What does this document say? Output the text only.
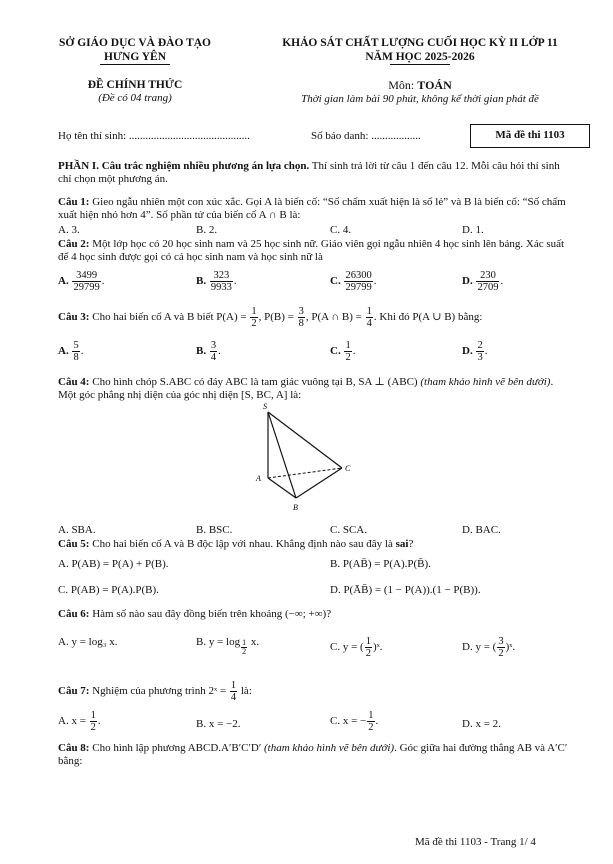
SỞ GIÁO DỤC VÀ ĐÀO TẠO
HƯNG YÊN
ĐỀ CHÍNH THỨC
(Đề có 04 trang)
KHẢO SÁT CHẤT LƯỢNG CUỐI HỌC KỲ II LỚP 11
NĂM HỌC 2025-2026
Môn: TOÁN
Thời gian làm bài 90 phút, không kể thời gian phát đề
Họ tên thí sinh: ............................................	Số báo danh: ..................	Mã đề thi 1103
PHẦN I. Câu trắc nghiệm nhiều phương án lựa chọn. Thí sinh trả lời từ câu 1 đến câu 12. Mỗi câu hỏi thí sinh chỉ chọn một phương án.
Câu 1: Gieo ngẫu nhiên một con xúc xắc. Gọi A là biến cố: “Số chấm xuất hiện là số lẻ” và B là biến cố: “Số chấm xuất hiện nhỏ hơn 4”. Số phần tử của biến cố A ∩ B là:
A. 3.	B. 2.	C. 4.	D. 1.
Câu 2: Một lớp học có 20 học sinh nam và 25 học sinh nữ. Giáo viên gọi ngẫu nhiên 4 học sinh lên bảng. Xác suất để 4 học sinh được gọi có cả học sinh nam và học sinh nữ là
A. $\frac{3499}{29799}$ .	B. $\frac{323}{9933}$ .	C. $\frac{26300}{29799}$ .	D. $\frac{230}{2709}$ .
Câu 3: Cho hai biến cố A và B biết $P(A) = \frac{1}{2}$ , $P(B) = \frac{3}{8}$ , P(A ∩ $B) = \frac{1}{4}$ . Khi đó P(A ∪ B) bằng:
A. $\frac{5}{8}$ .	B. $\frac{3}{4}$ .	C. $\frac{1}{2}$ .	D. $\frac{2}{3}$ .
Câu 4: Cho hình chóp S.ABC có đáy ABC là tam giác vuông tại B, SA ⊥ (ABC) (tham khảo hình vẽ bên dưới). Một góc phẳng nhị diện của góc nhị diện [S, BC, A] là:
S
A
B
C
A. SBA.	B. BSC.	C. SCA.	D. BAC.
Câu 5: Cho hai biến cố A và B độc lập với nhau. Khẳng định nào sau đây là sai?
A. P(AB) = P(A) + P(B).	B. P(AB̄) = P(A).P(B̄).
C. P(AB) = P(A).P(B).	D. P(ĀB̄) = (1 − P(A)).(1 − P(B)).
Câu 6: Hàm số nào sau đây đồng biến trên khoảng (−∞; +∞)?
A. y = log₃ x.	B. $y = \log \frac{1}{2} x$.	C. y = ( $\frac{1}{2}$ )ˣ.	D. y = ( $\frac{3}{2}$ )ˣ.
Câu 7: Nghiệm của phương trình 2ˣ = $\frac{1}{4}$ là:
A. $x = \frac{1}{2}$ .	B. x = −2.	C. x = − $\frac{1}{2}$ .	D. x = 2.
Câu 8: Cho hình lập phương ABCD.A′B′C′D′ (tham khảo hình vẽ bên dưới). Góc giữa hai đường thẳng AB và A′C′ bằng:
Mã đề thi 1103 - Trang 1/ 4
